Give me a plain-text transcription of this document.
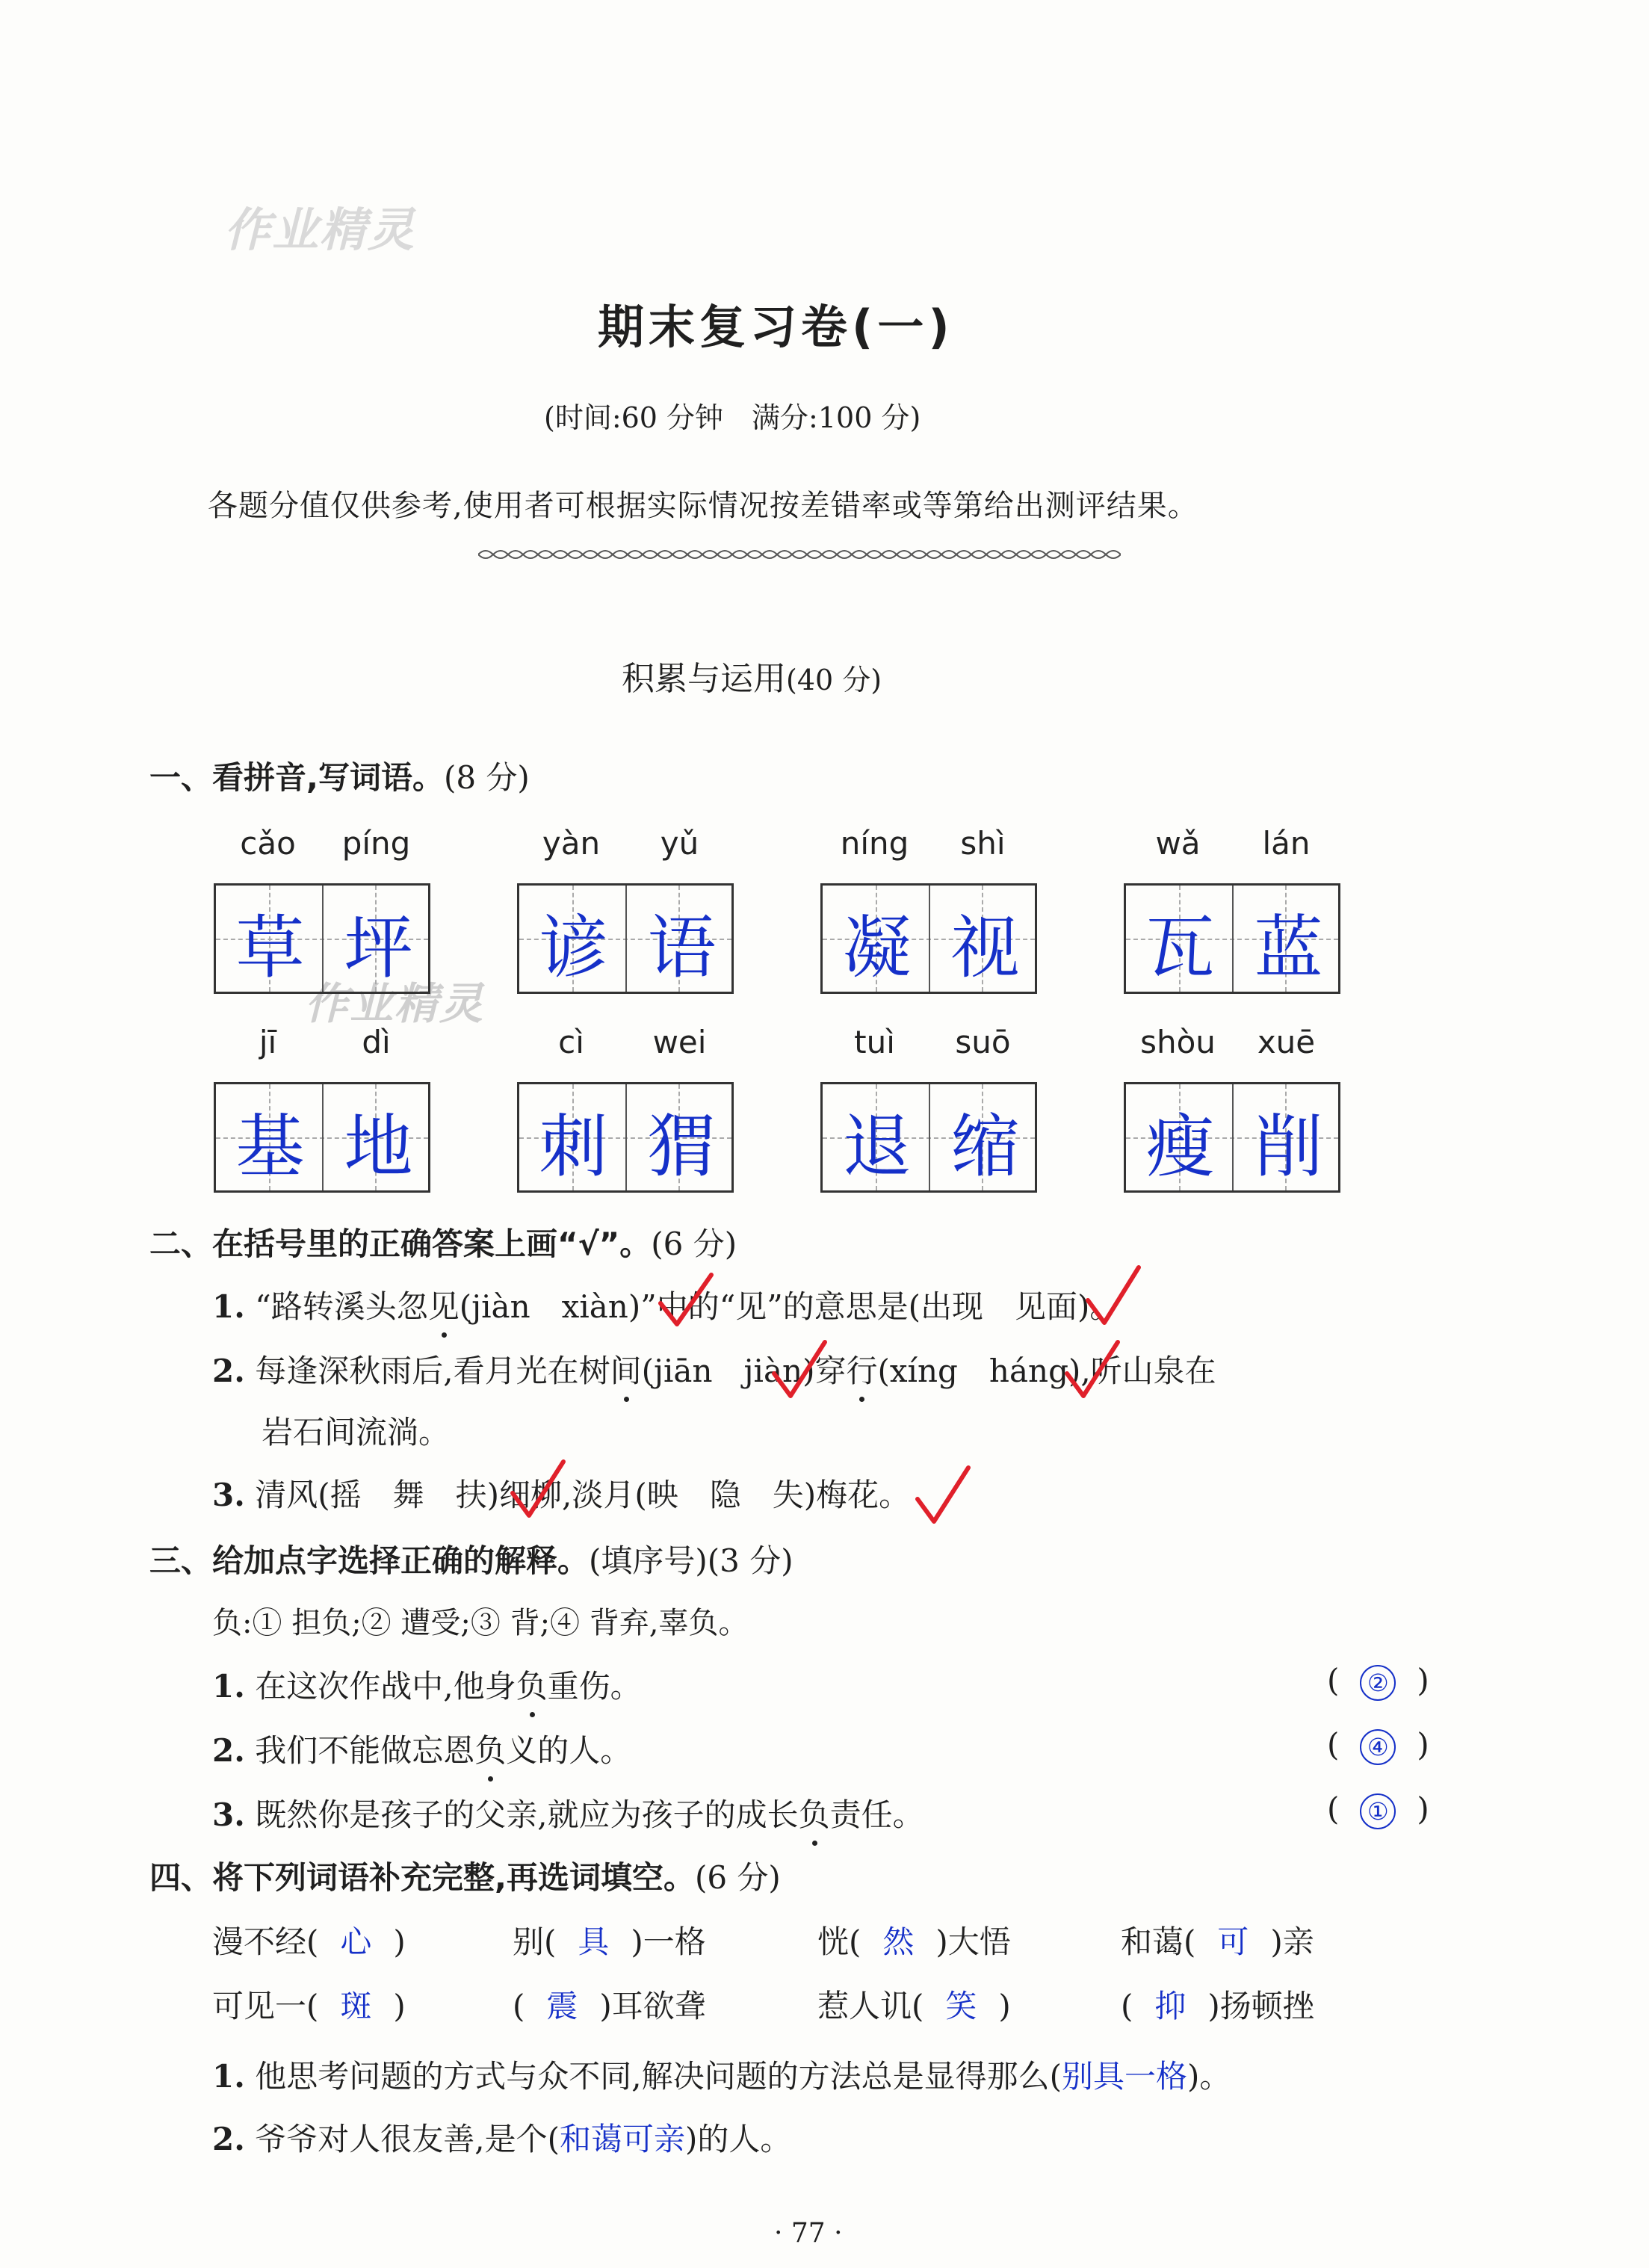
作业精灵
作业精灵
期末复习卷(一)
(时间:60 分钟　满分:100 分)
各题分值仅供参考,使用者可根据实际情况按差错率或等第给出测评结果。
积累与运用(40 分)
一、看拼音,写词语。(8 分)
cǎo	píng
草 坪
yàn	yǔ
谚 语
níng	shì
凝 视
wǎ	lán
瓦 蓝
jī	dì
基 地
cì	wei
刺 猬
tuì	suō
退 缩
shòu	xuē
瘦 削
二、在括号里的正确答案上画“√”。(6 分)
1. “路转溪头忽见(jiàn　xiàn)”中的“见”的意思是(出现　见面)。
2. 每逢深秋雨后,看月光在树间(jiān　jiàn)穿行(xíng　háng),听山泉在
岩石间流淌。
3. 清风(摇　舞　扶)细柳,淡月(映　隐　失)梅花。
三、给加点字选择正确的解释。(填序号)(3 分)
负:① 担负;② 遭受;③ 背;④ 背弃,辜负。
1. 在这次作战中,他身负重伤。	( ② )
2. 我们不能做忘恩负义的人。	( ④ )
3. 既然你是孩子的父亲,就应为孩子的成长负责任。	( ① )
四、将下列词语补充完整,再选词填空。(6 分)
漫不经( 心 )	别( 具 )一格	恍( 然 )大悟	和蔼( 可 )亲
可见一( 斑 )	( 震 )耳欲聋	惹人讥( 笑 )	( 抑 )扬顿挫
1. 他思考问题的方式与众不同,解决问题的方法总是显得那么(别具一格)。
2. 爷爷对人很友善,是个(和蔼可亲)的人。
· 77 ·
